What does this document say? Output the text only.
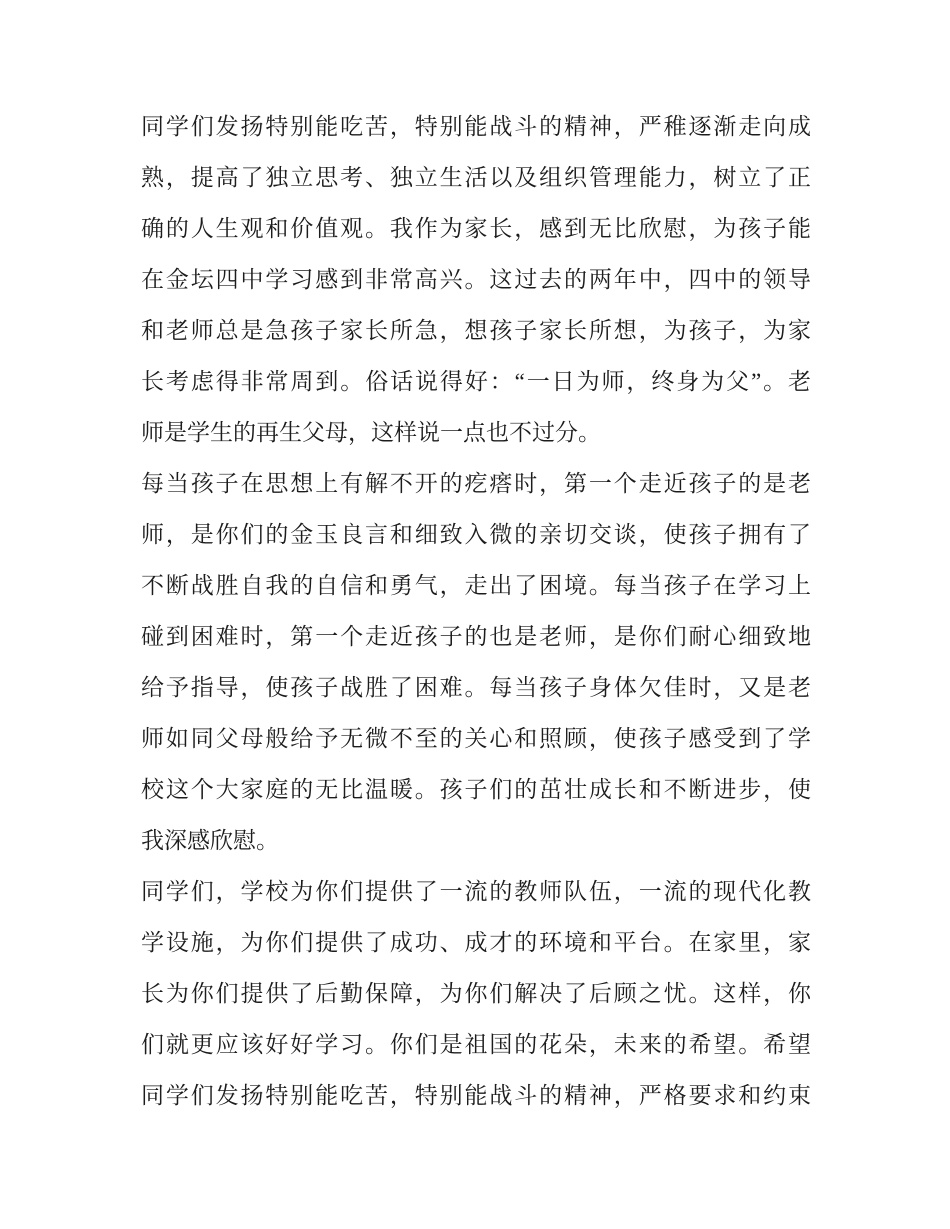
同学们发扬特别能吃苦，特别能战斗的精神，严稚逐渐走向成
熟，提高了独立思考、独立生活以及组织管理能力，树立了正
确的人生观和价值观。我作为家长，感到无比欣慰，为孩子能
在金坛四中学习感到非常高兴。这过去的两年中，四中的领导
和老师总是急孩子家长所急，想孩子家长所想，为孩子，为家
长考虑得非常周到。俗话说得好：“一日为师，终身为父”。老
师是学生的再生父母，这样说一点也不过分。
每当孩子在思想上有解不开的疙瘩时，第一个走近孩子的是老
师，是你们的金玉良言和细致入微的亲切交谈，使孩子拥有了
不断战胜自我的自信和勇气，走出了困境。每当孩子在学习上
碰到困难时，第一个走近孩子的也是老师，是你们耐心细致地
给予指导，使孩子战胜了困难。每当孩子身体欠佳时，又是老
师如同父母般给予无微不至的关心和照顾，使孩子感受到了学
校这个大家庭的无比温暖。孩子们的茁壮成长和不断进步，使
我深感欣慰。
同学们，学校为你们提供了一流的教师队伍，一流的现代化教
学设施，为你们提供了成功、成才的环境和平台。在家里，家
长为你们提供了后勤保障，为你们解决了后顾之忧。这样，你
们就更应该好好学习。你们是祖国的花朵，未来的希望。希望
同学们发扬特别能吃苦，特别能战斗的精神，严格要求和约束
